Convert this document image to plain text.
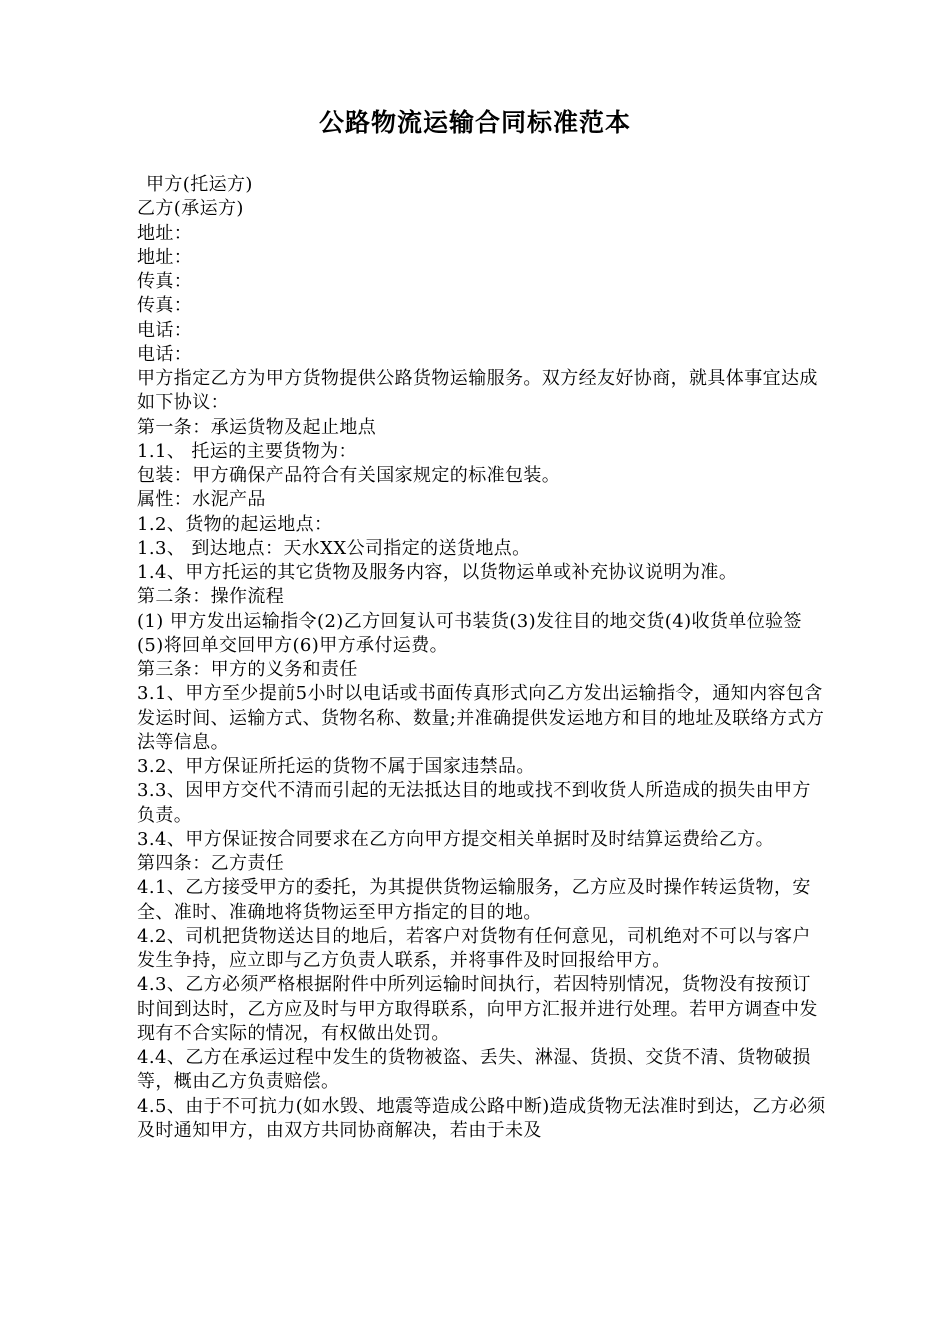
公路物流运输合同标准范本

甲方(托运方)

乙方(承运方)

地址：

地址：

传真：

传真：

电话：

电话：

甲方指定乙方为甲方货物提供公路货物运输服务。双方经友好协商，就具体事宜达成如下协议：

第一条：承运货物及起止地点

1.1、 托运的主要货物为：

包装：甲方确保产品符合有关国家规定的标准包装。

属性：水泥产品

1.2、货物的起运地点：

1.3、 到达地点：天水XX公司指定的送货地点。

1.4、甲方托运的其它货物及服务内容，以货物运单或补充协议说明为准。

第二条：操作流程

(1) 甲方发出运输指令(2)乙方回复认可书装货(3)发往目的地交货(4)收货单位验签(5)将回单交回甲方(6)甲方承付运费。

第三条：甲方的义务和责任

3.1、甲方至少提前5小时以电话或书面传真形式向乙方发出运输指令，通知内容包含发运时间、运输方式、货物名称、数量;并准确提供发运地方和目的地址及联络方式方法等信息。

3.2、甲方保证所托运的货物不属于国家违禁品。

3.3、因甲方交代不清而引起的无法抵达目的地或找不到收货人所造成的损失由甲方负责。

3.4、甲方保证按合同要求在乙方向甲方提交相关单据时及时结算运费给乙方。

第四条：乙方责任

4.1、乙方接受甲方的委托，为其提供货物运输服务，乙方应及时操作转运货物，安全、准时、准确地将货物运至甲方指定的目的地。

4.2、司机把货物送达目的地后，若客户对货物有任何意见，司机绝对不可以与客户发生争持，应立即与乙方负责人联系，并将事件及时回报给甲方。

4.3、乙方必须严格根据附件中所列运输时间执行，若因特别情况，货物没有按预订时间到达时，乙方应及时与甲方取得联系，向甲方汇报并进行处理。若甲方调查中发现有不合实际的情况，有权做出处罚。

4.4、乙方在承运过程中发生的货物被盗、丢失、淋湿、货损、交货不清、货物破损等，概由乙方负责赔偿。

4.5、由于不可抗力(如水毁、地震等造成公路中断)造成货物无法准时到达，乙方必须及时通知甲方，由双方共同协商解决，若由于未及
